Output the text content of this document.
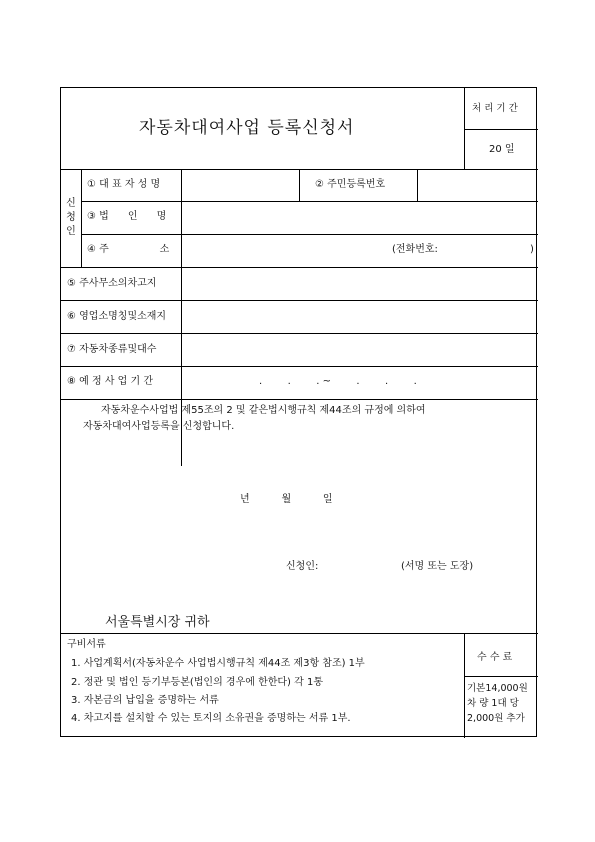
자동차대여사업 등록신청서
처 리 기 간
20 일
신청인
① 대 표 자 성 명	② 주민등록번호
③ 법      인      명
④ 주                소	(전화번호:	)
⑤ 주사무소의차고지
⑥ 영업소명칭및소재지
⑦ 자동차종류및대수
⑧ 예 정 사 업 기 간	.        .        . ~        .        .        .
자동차운수사업법 제55조의 2 및 같은법시행규칙 제44조의 규정에 의하여
자동차대여사업등록을 신청합니다.
년          월          일
신청인:	(서명 또는 도장)
서울특별시장 귀하
구비서류
1. 사업계획서(자동차운수 사업법시행규칙 제44조 제3항 참조) 1부
2. 정관 및 법인 등기부등본(법인의 경우에 한한다) 각 1통
3. 자본금의 납입을 증명하는 서류
4. 차고지를 설치할 수 있는 토지의 소유권을 증명하는 서류 1부.
수 수 료
기본14,000원
차 량 1대 당
2,000원 추가
